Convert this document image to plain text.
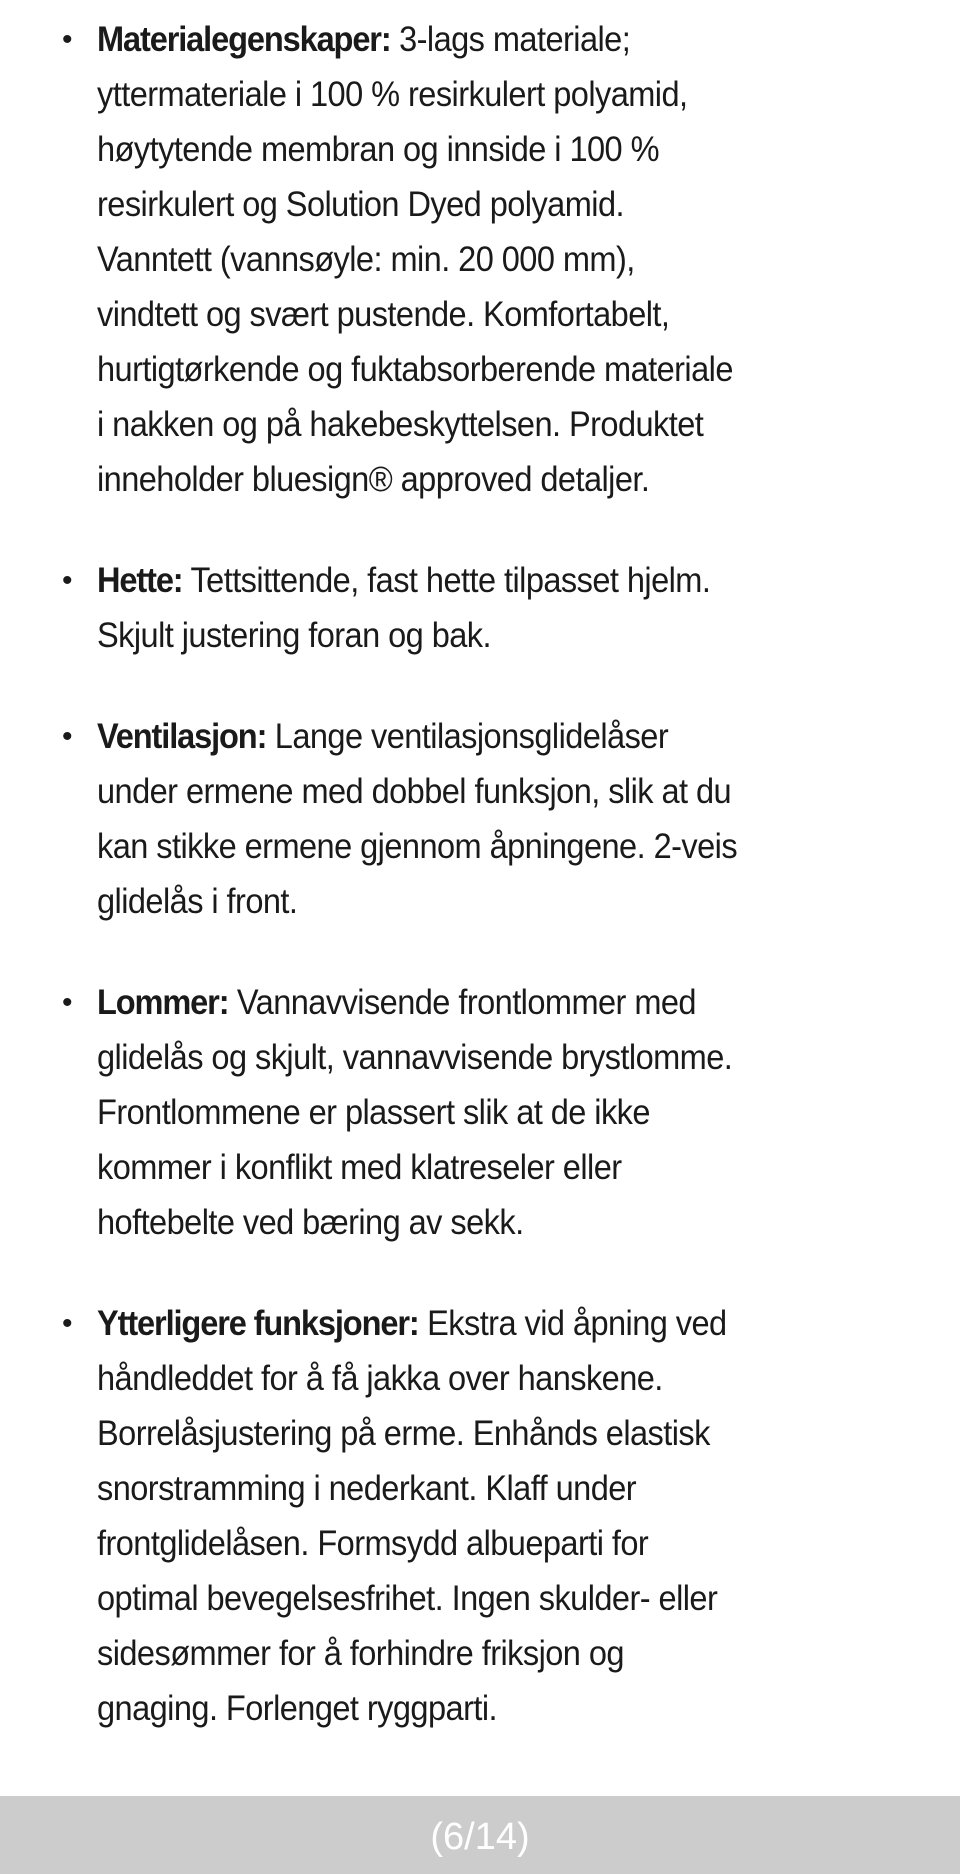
• Materialegenskaper: 3-lags materiale;
yttermateriale i 100 % resirkulert polyamid,
høytytende membran og innside i 100 %
resirkulert og Solution Dyed polyamid.
Vanntett (vannsøyle: min. 20 000 mm),
vindtett og svært pustende. Komfortabelt,
hurtigtørkende og fuktabsorberende materiale
i nakken og på hakebeskyttelsen. Produktet
inneholder bluesign® approved detaljer.
• Hette: Tettsittende, fast hette tilpasset hjelm.
Skjult justering foran og bak.
• Ventilasjon: Lange ventilasjonsglidelåser
under ermene med dobbel funksjon, slik at du
kan stikke ermene gjennom åpningene. 2-veis
glidelås i front.
• Lommer: Vannavvisende frontlommer med
glidelås og skjult, vannavvisende brystlomme.
Frontlommene er plassert slik at de ikke
kommer i konflikt med klatreseler eller
hoftebelte ved bæring av sekk.
• Ytterligere funksjoner: Ekstra vid åpning ved
håndleddet for å få jakka over hanskene.
Borrelåsjustering på erme. Enhånds elastisk
snorstramming i nederkant. Klaff under
frontglidelåsen. Formsydd albueparti for
optimal bevegelsesfrihet. Ingen skulder- eller
sidesømmer for å forhindre friksjon og
gnaging. Forlenget ryggparti.
(6/14)
